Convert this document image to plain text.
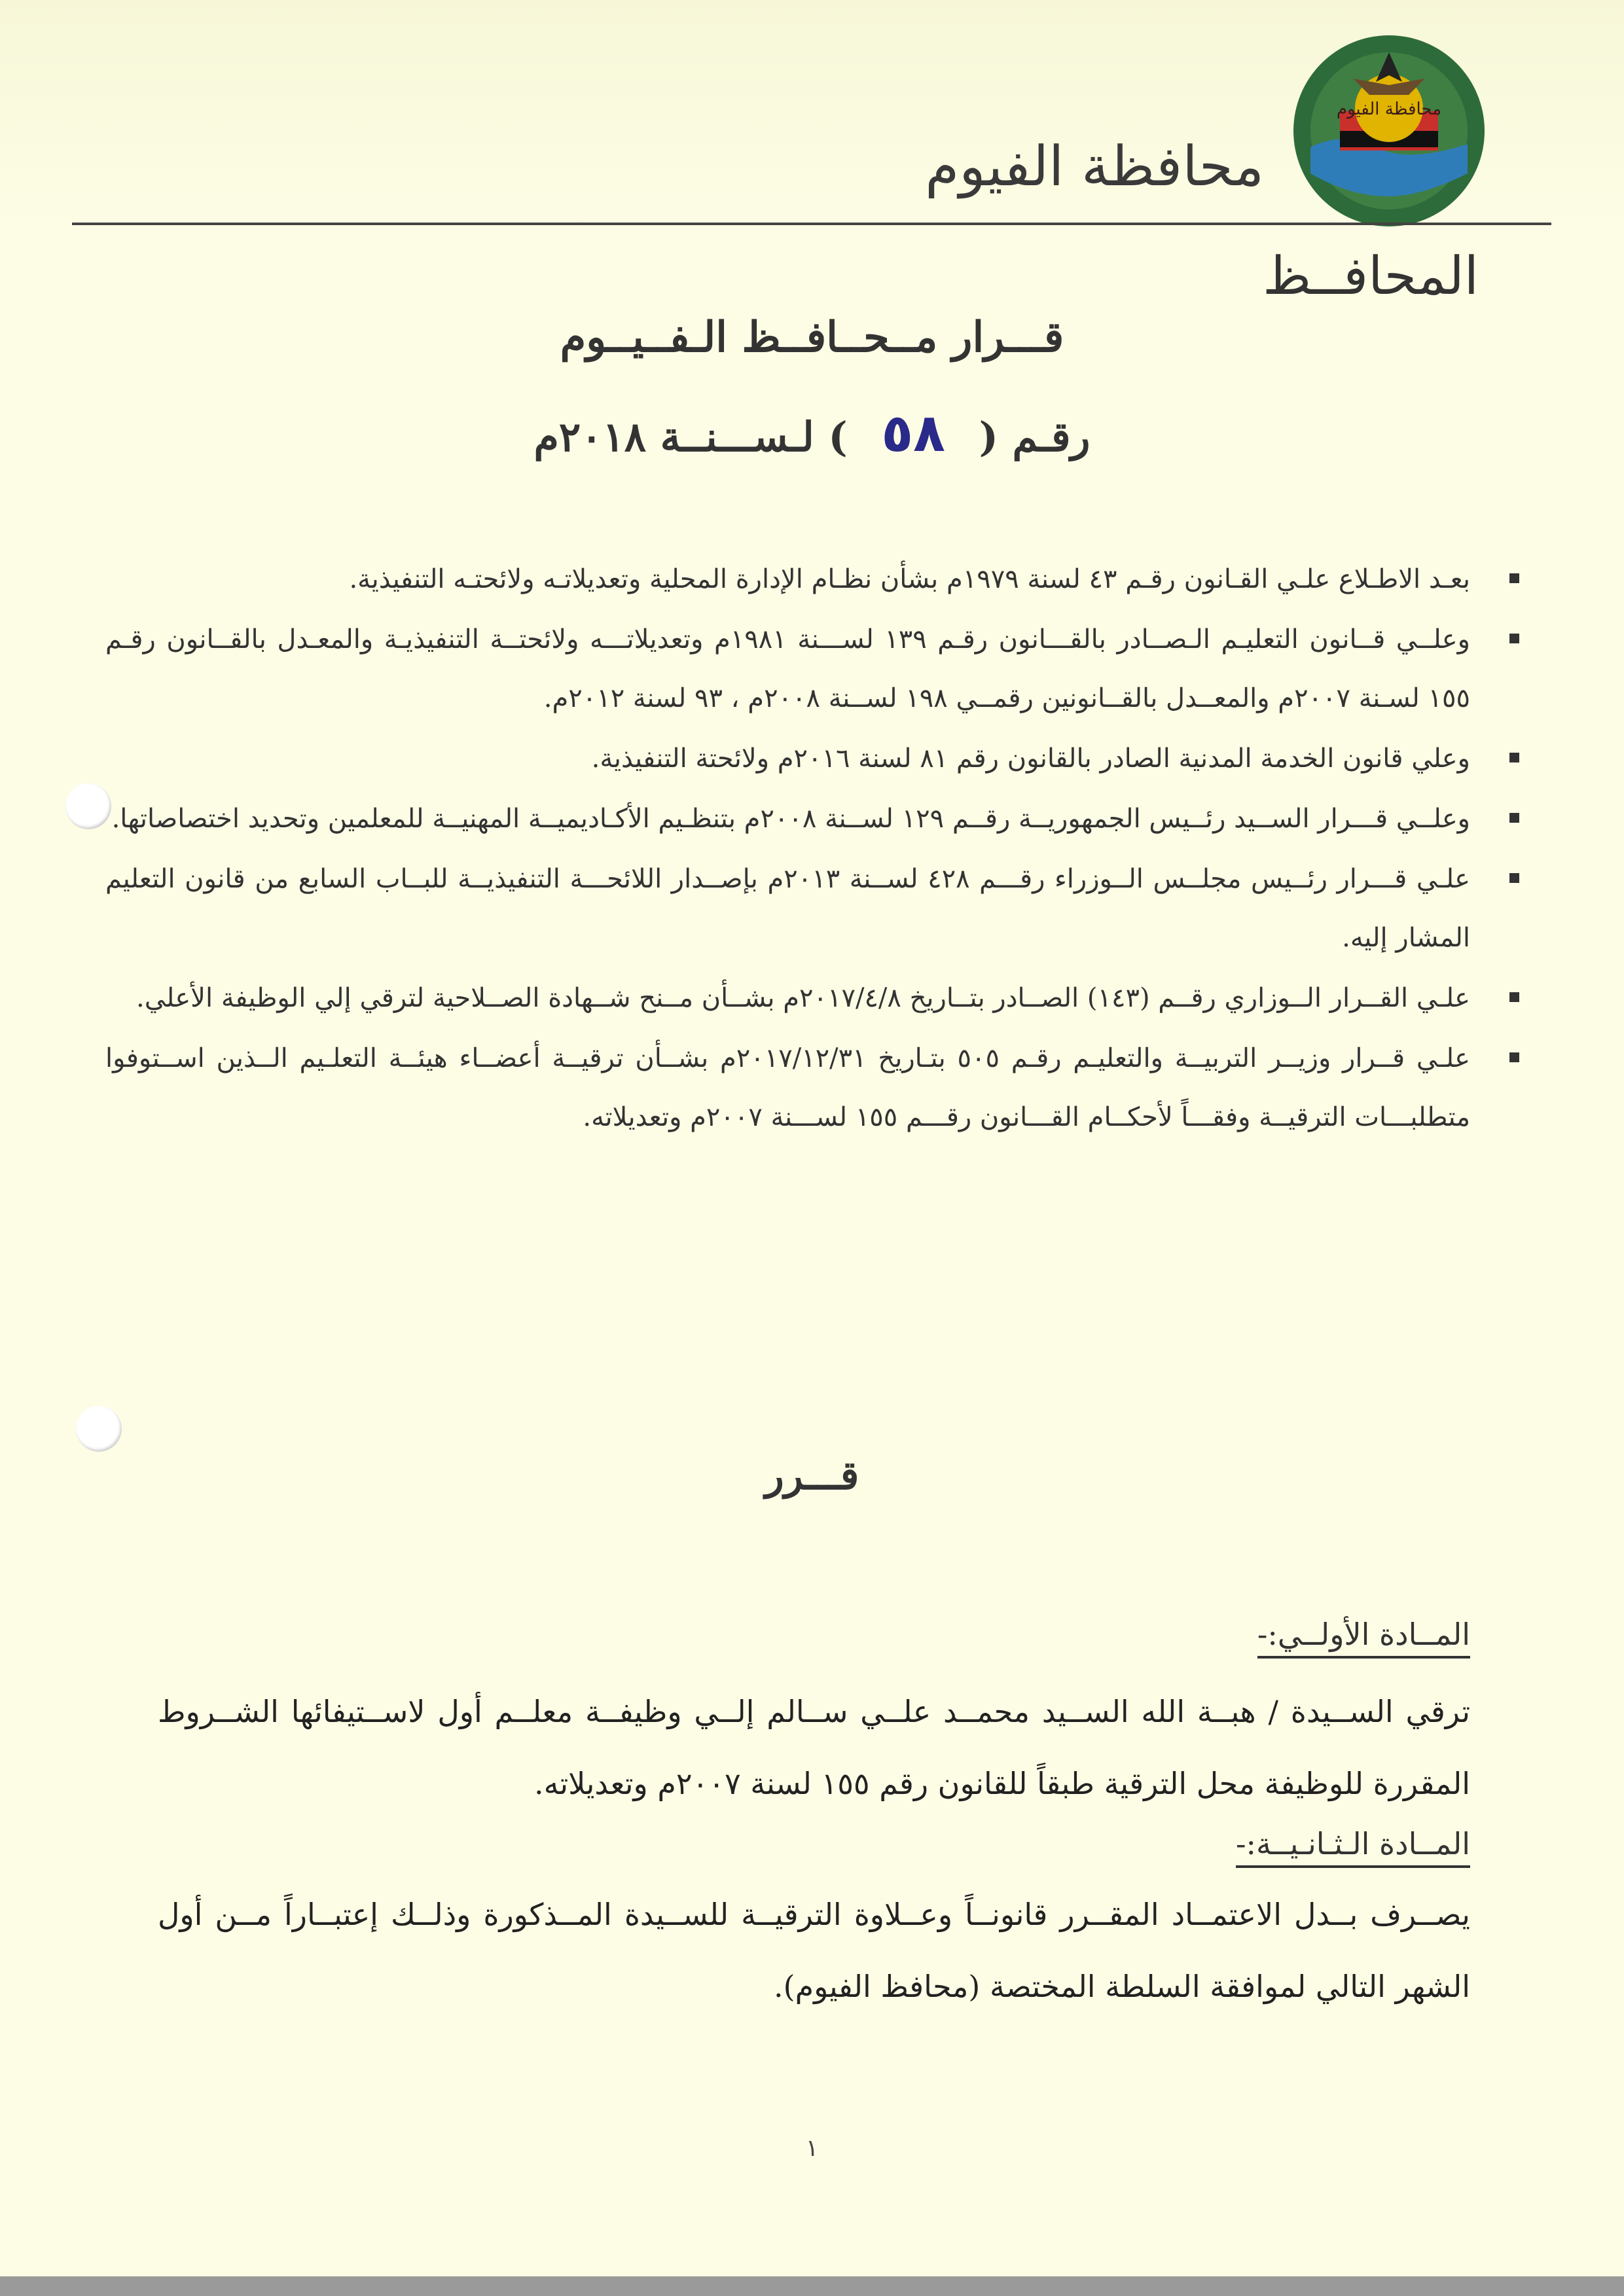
محافظة الفيوم
محافظة الفيوم
المحافــظ
قـــرار مــحــافــظ الـفــيــوم
رقـم ( ٥٨ ) لـســـنــة ٢٠١٨م
بعـد الاطـلاع علـي القـانون رقـم ٤٣ لسنة ١٩٧٩م بشأن نظـام الإدارة المحلية وتعديلاتـه ولائحتـه التنفيذية.
وعلــي قــانون التعليـم الـصــادر بالقـــانون رقـم ١٣٩ لســـنة ١٩٨١م وتعديلاتـــه ولائحتــة التنفيذيـة والمعـدل بالقــانون رقـم ١٥٥ لسـنة ٢٠٠٧م والمعــدل بالقــانونين رقمــي ١٩٨ لســنة ٢٠٠٨م ، ٩٣ لسنة ٢٠١٢م.
وعلي قانون الخدمة المدنية الصادر بالقانون رقم ٨١ لسنة ٢٠١٦م ولائحتة التنفيذية.
وعلــي قـــرار الســيد رئــيس الجمهوريــة رقــم ١٢٩ لســنة ٢٠٠٨م بتنظـيم الأكـاديميــة المهنيــة للمعلمين وتحديد اختصاصاتها.
علـي قـــرار رئــيس مجلــس الــوزراء رقـــم ٤٢٨ لســنة ٢٠١٣م بإصــدار اللائحـــة التنفيذيــة للبــاب السابع من قانون التعليم المشار إليه.
علـي القــرار الــوزاري رقــم (١٤٣) الصــادر بتــاريخ ٢٠١٧/٤/٨م بشــأن مــنح شــهادة الصــلاحية لترقي إلي الوظيفة الأعلي.
علـي قــرار وزيــر التربيــة والتعليـم رقـم ٥٠٥ بتـاريخ ٢٠١٧/١٢/٣١م بشــأن ترقيــة أعضــاء هيئــة التعلـيم الــذين اســتوفوا متطلبـــات الترقيــة وفقـــاً لأحكــام القـــانون رقـــم ١٥٥ لســـنة ٢٠٠٧م وتعديلاته.
قـــرر
المــادة الأولــي:-
ترقي الســيدة / هبــة الله الســيد محمــد علــي ســالم إلــي وظيفــة معلــم أول لاســتيفائها الشــروط المقررة للوظيفة محل الترقية طبقاً للقانون رقم ١٥٥ لسنة ٢٠٠٧م وتعديلاته.
المــادة الـثـانـيــة:-
يصــرف بــدل الاعتمــاد المقــرر قانونــاً وعــلاوة الترقيــة للســيدة المــذكورة وذلــك إعتبــاراً مــن أول الشهر التالي لموافقة السلطة المختصة (محافظ الفيوم).
١
